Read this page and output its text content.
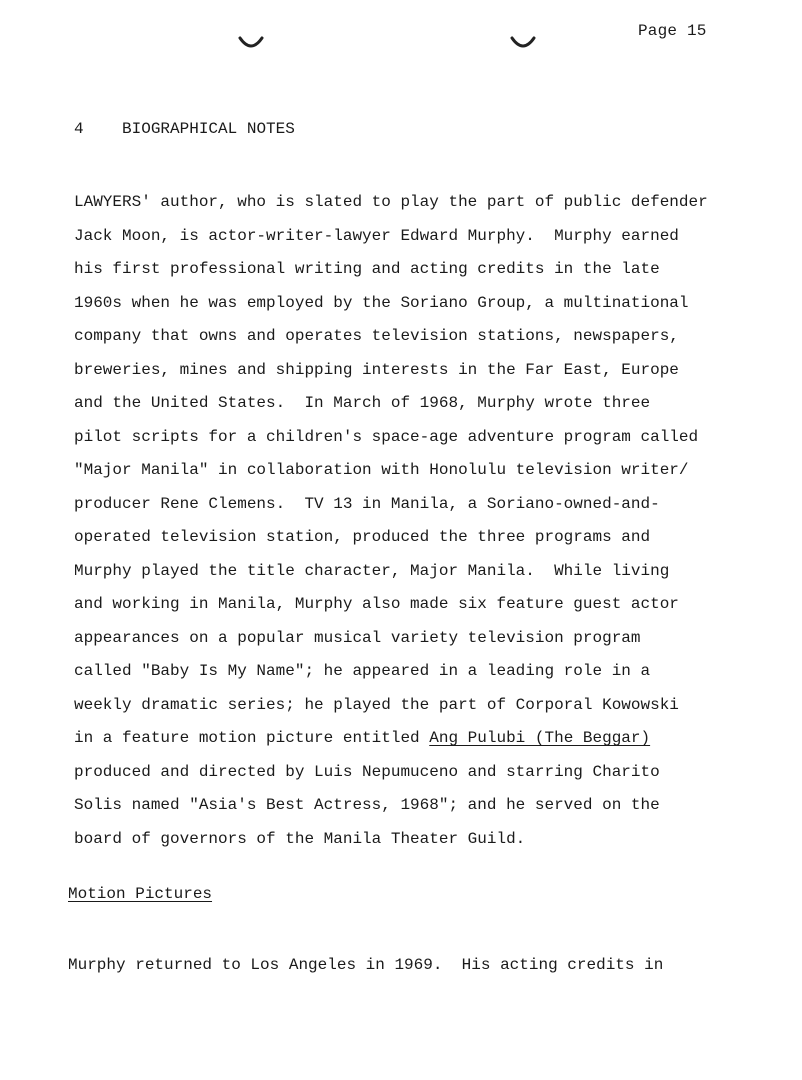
Page 15
4 BIOGRAPHICAL NOTES
LAWYERS' author, who is slated to play the part of public defender
Jack Moon, is actor-writer-lawyer Edward Murphy.  Murphy earned
his first professional writing and acting credits in the late
1960s when he was employed by the Soriano Group, a multinational
company that owns and operates television stations, newspapers,
breweries, mines and shipping interests in the Far East, Europe
and the United States.  In March of 1968, Murphy wrote three
pilot scripts for a children's space-age adventure program called
"Major Manila" in collaboration with Honolulu television writer/
producer Rene Clemens.  TV 13 in Manila, a Soriano-owned-and-
operated television station, produced the three programs and
Murphy played the title character, Major Manila.  While living
and working in Manila, Murphy also made six feature guest actor
appearances on a popular musical variety television program
called "Baby Is My Name"; he appeared in a leading role in a
weekly dramatic series; he played the part of Corporal Kowowski
in a feature motion picture entitled Ang Pulubi (The Beggar)
produced and directed by Luis Nepumuceno and starring Charito
Solis named "Asia's Best Actress, 1968"; and he served on the
board of governors of the Manila Theater Guild.
Motion Pictures
Murphy returned to Los Angeles in 1969.  His acting credits in
